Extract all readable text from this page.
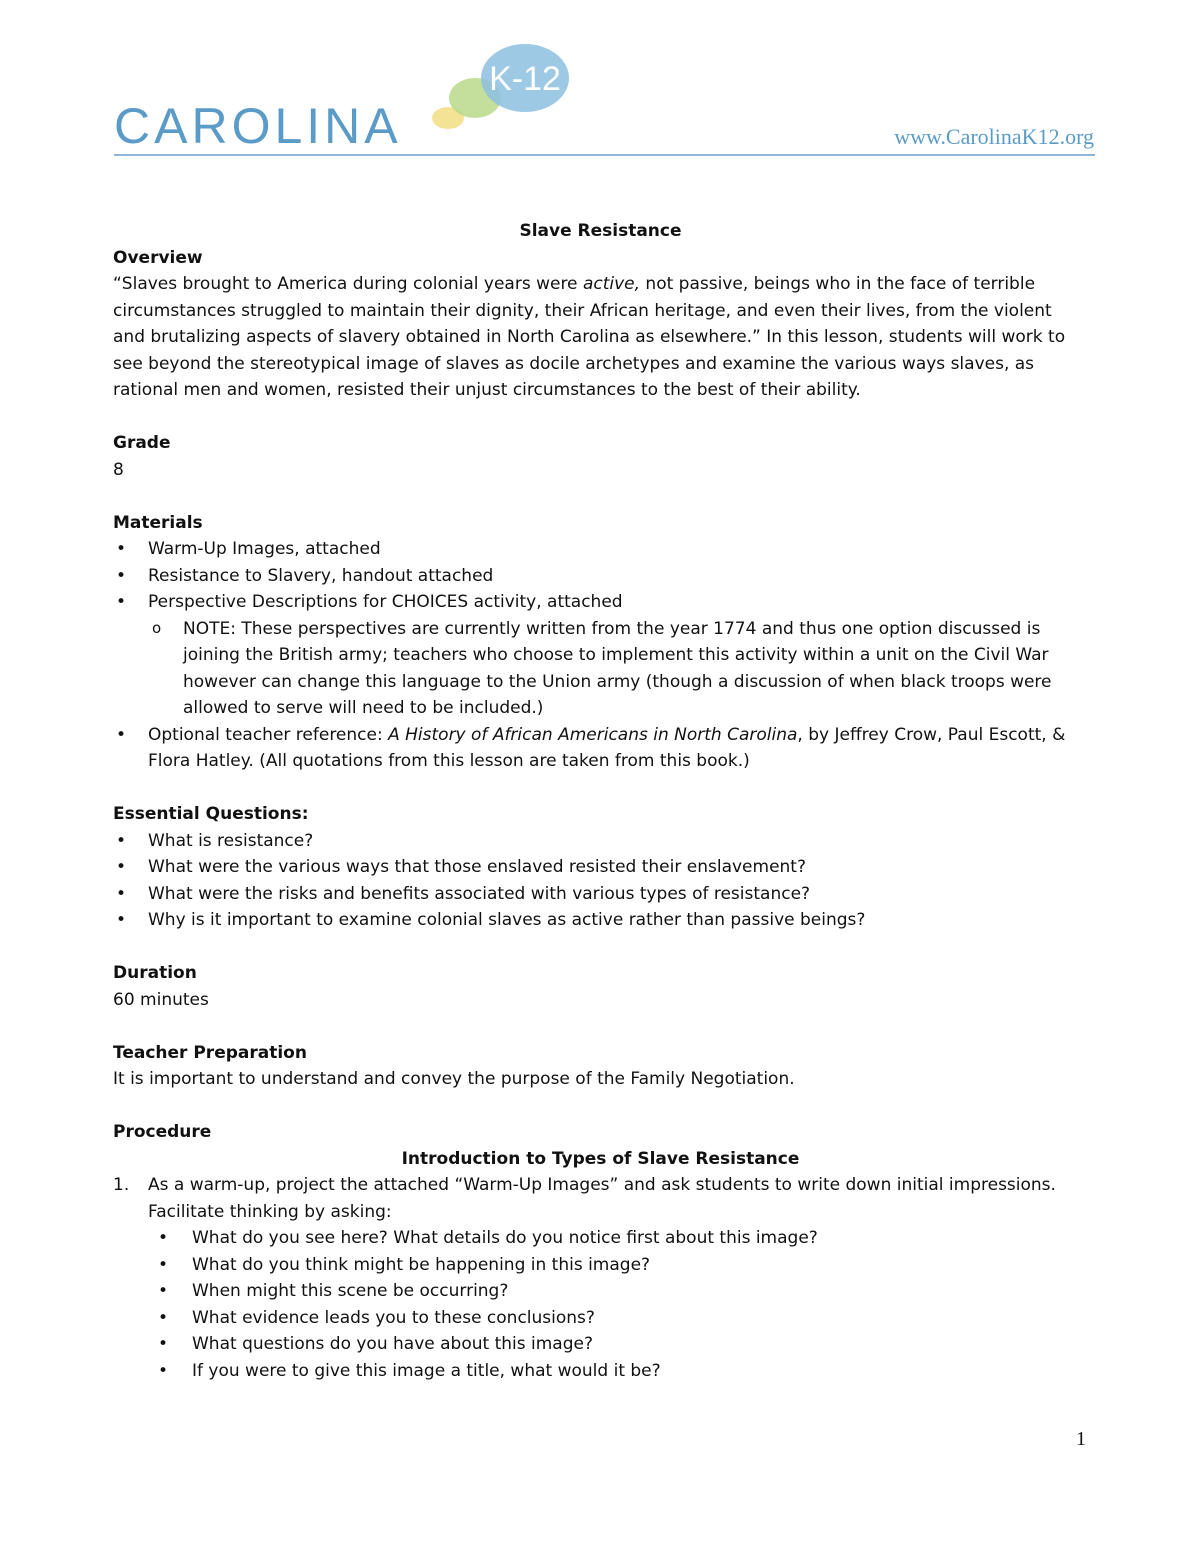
CAROLINA
K-12
www.CarolinaK12.org

Slave Resistance

Overview

“Slaves brought to America during colonial years were active, not passive, beings who in the face of terrible circumstances struggled to maintain their dignity, their African heritage, and even their lives, from the violent and brutalizing aspects of slavery obtained in North Carolina as elsewhere.” In this lesson, students will work to see beyond the stereotypical image of slaves as docile archetypes and examine the various ways slaves, as rational men and women, resisted their unjust circumstances to the best of their ability.

Grade

8

Materials

• Warm-Up Images, attached
• Resistance to Slavery, handout attached
• Perspective Descriptions for CHOICES activity, attached
o NOTE: These perspectives are currently written from the year 1774 and thus one option discussed is joining the British army; teachers who choose to implement this activity within a unit on the Civil War however can change this language to the Union army (though a discussion of when black troops were allowed to serve will need to be included.)
• Optional teacher reference: A History of African Americans in North Carolina, by Jeffrey Crow, Paul Escott, & Flora Hatley. (All quotations from this lesson are taken from this book.)

Essential Questions:

• What is resistance?
• What were the various ways that those enslaved resisted their enslavement?
• What were the risks and benefits associated with various types of resistance?
• Why is it important to examine colonial slaves as active rather than passive beings?

Duration

60 minutes

Teacher Preparation

It is important to understand and convey the purpose of the Family Negotiation.

Procedure

Introduction to Types of Slave Resistance

1. As a warm-up, project the attached “Warm-Up Images” and ask students to write down initial impressions. Facilitate thinking by asking:
• What do you see here? What details do you notice first about this image?
• What do you think might be happening in this image?
• When might this scene be occurring?
• What evidence leads you to these conclusions?
• What questions do you have about this image?
• If you were to give this image a title, what would it be?
1
